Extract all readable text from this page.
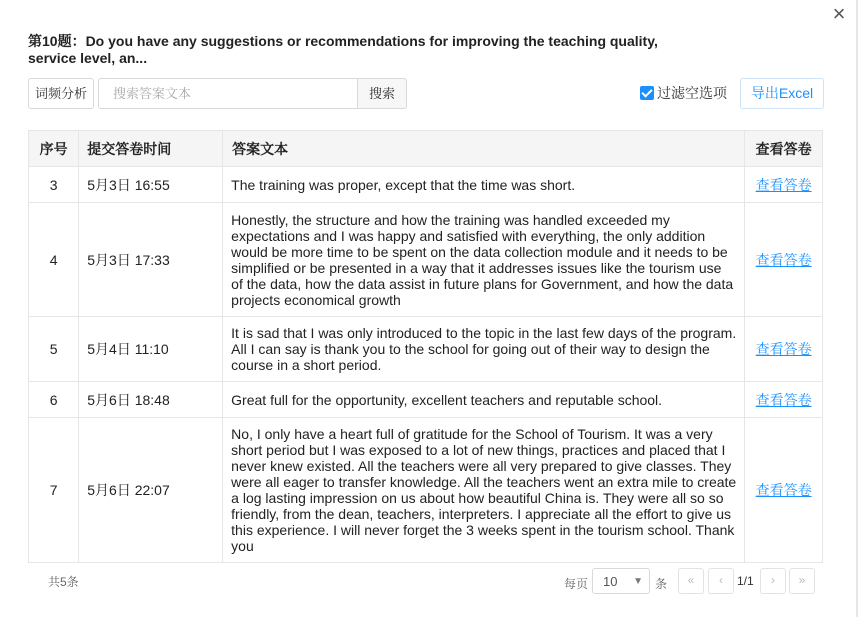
×
第10题：Do you have any suggestions or recommendations for improving the teaching quality, service level, an...
词频分析
搜索答案文本	搜索	过滤空选项	导出Excel
序号	提交答卷时间	答案文本	查看答卷
3	5月3日 16:55	The training was proper, except that the time was short.	查看答卷
4	5月3日 17:33	Honestly, the structure and how the training was handled exceeded my expectations and I was happy and satisfied with everything, the only addition would be more time to be spent on the data collection module and it needs to be simplified or be presented in a way that it addresses issues like the tourism use of the data, how the data assist in future plans for Government, and how the data projects economical growth	查看答卷
5	5月4日 11:10	It is sad that I was only introduced to the topic in the last few days of the program. All I can say is thank you to the school for going out of their way to design the course in a short period.	查看答卷
6	5月6日 18:48	Great full for the opportunity, excellent teachers and reputable school.	查看答卷
7	5月6日 22:07	No, I only have a heart full of gratitude for the School of Tourism. It was a very short period but I was exposed to a lot of new things, practices and placed that I never knew existed. All the teachers were all very prepared to give classes. They were all eager to transfer knowledge. All the teachers went an extra mile to create a log lasting impression on us about how beautiful China is. They were all so so friendly, from the dean, teachers, interpreters. I appreciate all the effort to give us this experience. I will never forget the 3 weeks spent in the tourism school. Thank you	查看答卷
共5条	每页	10 ▼ 条	«	‹	1/1	›	»
